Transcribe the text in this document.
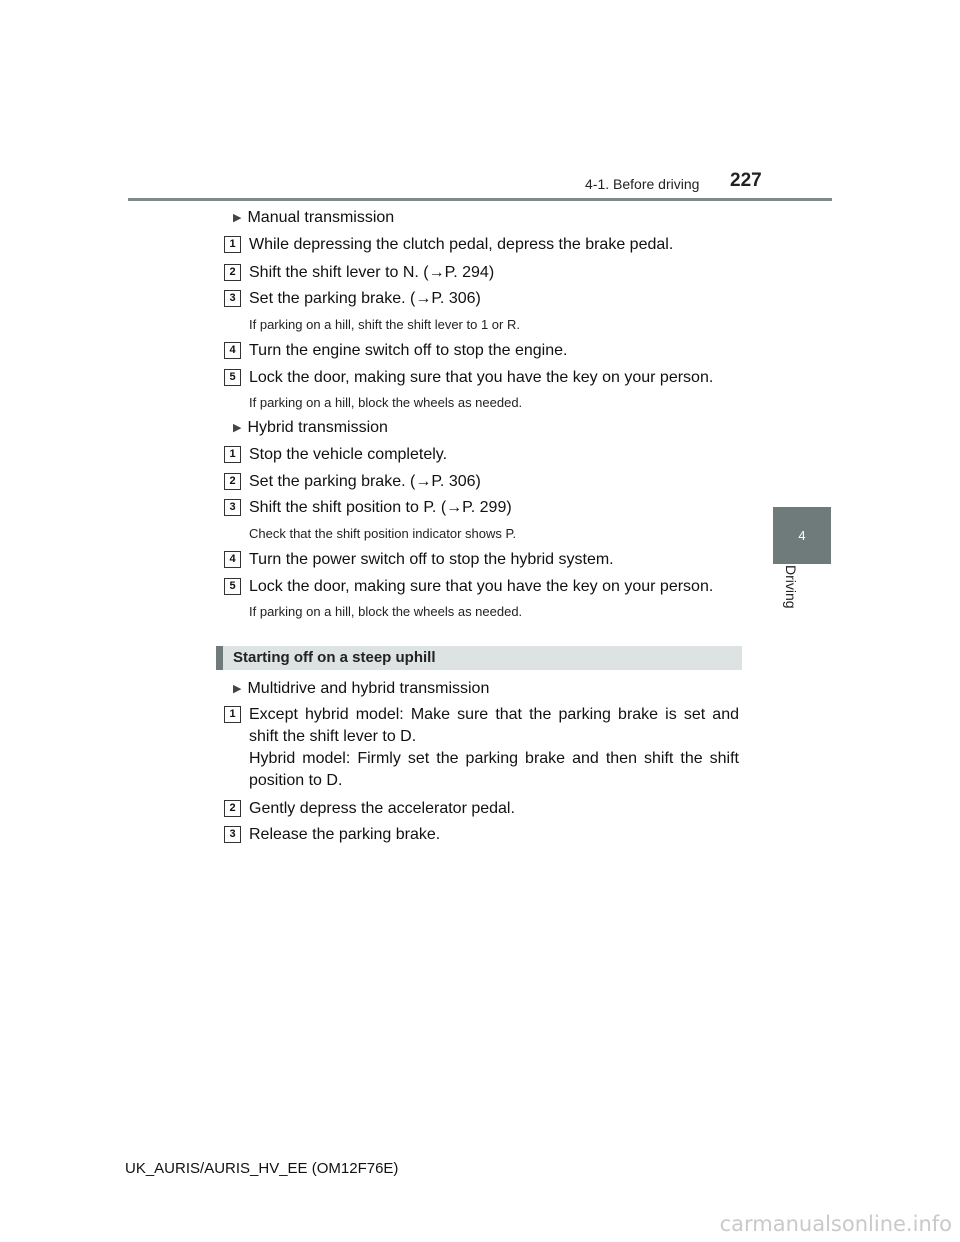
4-1. Before driving 227
4
Driving
▶ Manual transmission
1 While depressing the clutch pedal, depress the brake pedal.
2 Shift the shift lever to N. (→P. 294)
3 Set the parking brake. (→P. 306)
If parking on a hill, shift the shift lever to 1 or R.
4 Turn the engine switch off to stop the engine.
5 Lock the door, making sure that you have the key on your person.
If parking on a hill, block the wheels as needed.
▶ Hybrid transmission
1 Stop the vehicle completely.
2 Set the parking brake. (→P. 306)
3 Shift the shift position to P. (→P. 299)
Check that the shift position indicator shows P.
4 Turn the power switch off to stop the hybrid system.
5 Lock the door, making sure that you have the key on your person.
If parking on a hill, block the wheels as needed.
Starting off on a steep uphill
▶ Multidrive and hybrid transmission
1 Except hybrid model: Make sure that the parking brake is set and shift the shift lever to D.
Hybrid model: Firmly set the parking brake and then shift the shift position to D.
2 Gently depress the accelerator pedal.
3 Release the parking brake.
UK_AURIS/AURIS_HV_EE (OM12F76E)
carmanualsonline.info
